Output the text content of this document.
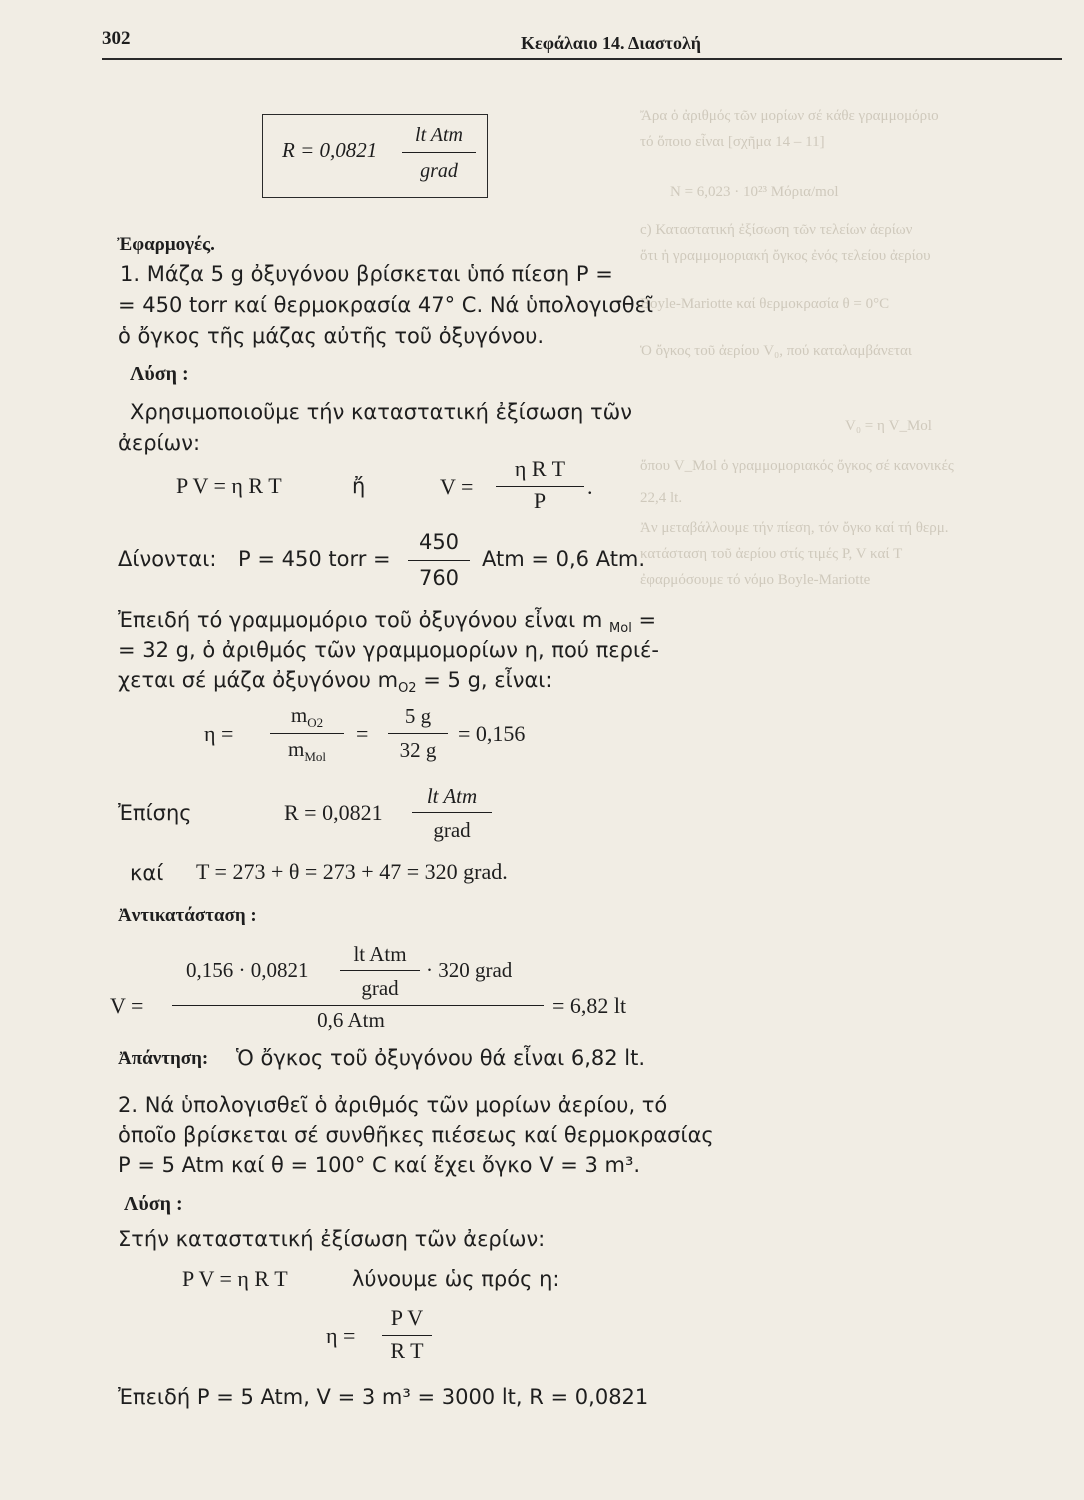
302	Κεφάλαιο 14. Διαστολή
Ἄρα ὁ ἀριθμός τῶν μορίων σέ κάθε γραμμομόριο
τό ὅποιο εἶναι [σχῆμα 14 – 11]
N = 6,023 · 10²³ Mόρια/mol
c) Καταστατική ἐξίσωση τῶν τελείων ἀερίων
ὅτι ἡ γραμμομοριακή ὄγκος ἐνός τελείου ἀερίου
Boyle-Mariotte καί θερμοκρασία θ = 0°C
Ὁ ὄγκος τοῦ ἀερίου V₀, πού καταλαμβάνεται
V₀ = η V_Mol
ὅπου V_Mol ὁ γραμμομοριακός ὄγκος σέ κανονικές
22,4 lt.
Ἀν μεταβάλλουμε τήν πίεση, τόν ὄγκο καί τή θερμ.
κατάσταση τοῦ ἀερίου στίς τιμές P, V καί T
ἐφαρμόσουμε τό νόμο Boyle-Mariotte
R = 0,0821
lt Atm
grad
Ἐφαρμογές.
1. Μάζα 5 g ὀξυγόνου βρίσκεται ὑπό πίεση P =
= 450 torr καί θερμοκρασία 47° C. Νά ὑπολογισθεῖ
ὁ ὄγκος τῆς μάζας αὐτῆς τοῦ ὀξυγόνου.
Λύση :
Χρησιμοποιοῦμε τήν καταστατική ἐξίσωση τῶν
ἀερίων:
P V = η R T	ἤ	V =
η R T
P
.
Δίνονται: P = 450 torr =
450
760
Atm = 0,6 Atm.
Ἐπειδή τό γραμμομόριο τοῦ ὀξυγόνου εἶναι m $_{Mol}$ =
= 32 g, ὁ ἀριθμός τῶν γραμμομορίων η, πού περιέ-
χεται σέ μάζα ὀξυγόνου $m_{O2} = 5$ g, εἶναι:
η =
$m_{O2}$
$m_{Mol}$
=
5 g
32 g
= 0,156
Ἐπίσης	R = 0,0821
lt Atm
grad
καί T = 273 + θ = 273 + 47 = 320 grad.
Ἀντικατάσταση :
V =
0,156 · 0,0821
lt Atm
grad
· 320 grad
0,6 Atm
= 6,82 lt
Ἀπάντηση: Ὁ ὄγκος τοῦ ὀξυγόνου θά εἶναι 6,82 lt.
2. Νά ὑπολογισθεῖ ὁ ἀριθμός τῶν μορίων ἀερίου, τό
ὁποῖο βρίσκεται σέ συνθῆκες πιέσεως καί θερμοκρασίας
P = 5 Atm καί θ = 100° C καί ἔχει ὄγκο V = 3 m³.
Λύση :
Στήν καταστατική ἐξίσωση τῶν ἀερίων:
P V = η R T	λύνουμε ὡς πρός η:
η =
P V
R T
Ἐπειδή P = 5 Atm, V = 3 m³ = 3000 lt, R = 0,0821
